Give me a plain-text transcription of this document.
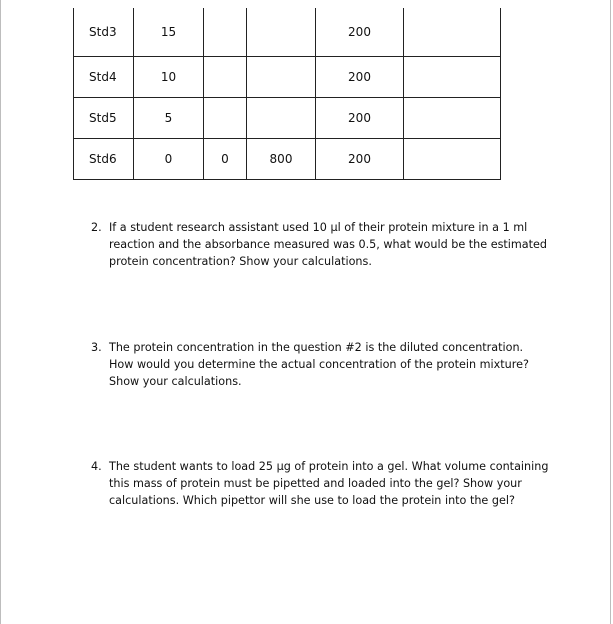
Std3	15			200	
Std4	10			200	
Std5	5			200	
Std6	0	0	800	200	
2. If a student research assistant used 10 µl of their protein mixture in a 1 ml reaction and the absorbance measured was 0.5, what would be the estimated protein concentration? Show your calculations.
3. The protein concentration in the question #2 is the diluted concentration. How would you determine the actual concentration of the protein mixture? Show your calculations.
4. The student wants to load 25 µg of protein into a gel. What volume containing this mass of protein must be pipetted and loaded into the gel? Show your calculations. Which pipettor will she use to load the protein into the gel?
